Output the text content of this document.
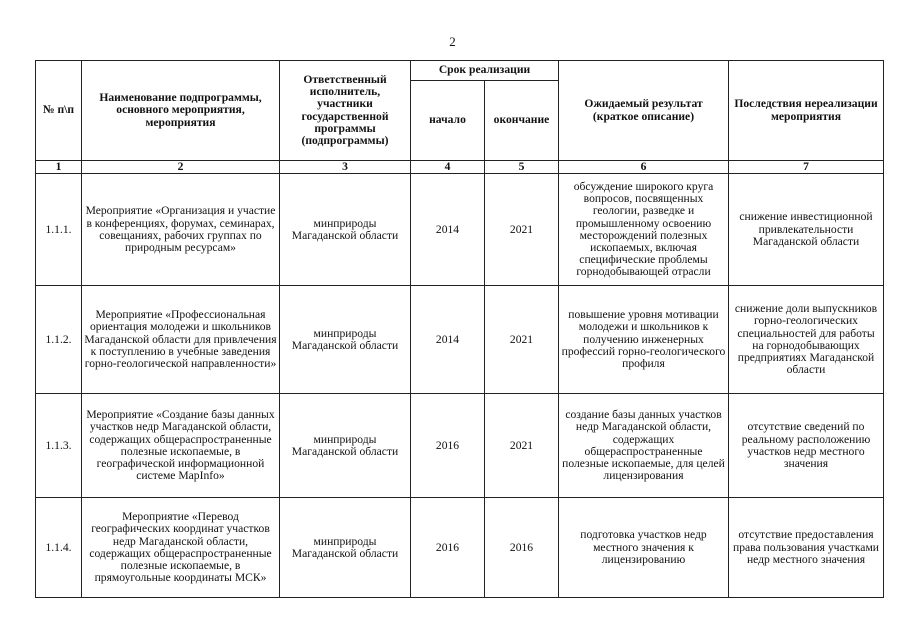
2
№ п\п	Наименование подпрограммы, основного мероприятия, мероприятия	Ответственный исполнитель, участники государственной программы (подпрограммы)	Срок реализации		Ожидаемый результат (краткое описание)	Последствия нереализации мероприятия
			начало	окончание		
1	2	3	4	5	6	7
1.1.1.	Мероприятие «Организация и участие в конференциях, форумах, семинарах, совещаниях, рабочих группах по природным ресурсам»	минприроды Магаданской области	2014	2021	обсуждение широкого круга вопросов, посвященных геологии, разведке и промышленному освоению месторождений полезных ископаемых, включая специфические проблемы горнодобывающей отрасли	снижение инвестиционной привлекательности Магаданской области
1.1.2.	Мероприятие «Профессиональная ориентация молодежи и школьников Магаданской области для привлечения к поступлению в учебные заведения горно-геологической направленности»	минприроды Магаданской области	2014	2021	повышение уровня мотивации молодежи и школьников к получению инженерных профессий горно-геологического профиля	снижение доли выпускников горно-геологических специальностей для работы на горнодобывающих предприятиях Магаданской области
1.1.3.	Мероприятие «Создание базы данных участков недр Магаданской области, содержащих общераспространенные полезные ископаемые, в географической информационной системе MapInfo»	минприроды Магаданской области	2016	2021	создание базы данных участков недр Магаданской области, содержащих общераспространенные полезные ископаемые, для целей лицензирования	отсутствие сведений по реальному расположению участков недр местного значения
1.1.4.	Мероприятие «Перевод географических координат участков недр Магаданской области, содержащих общераспространенные полезные ископаемые, в прямоугольные координаты МСК»	минприроды Магаданской области	2016	2016	подготовка участков недр местного значения к лицензированию	отсутствие предоставления права пользования участками недр местного значения
